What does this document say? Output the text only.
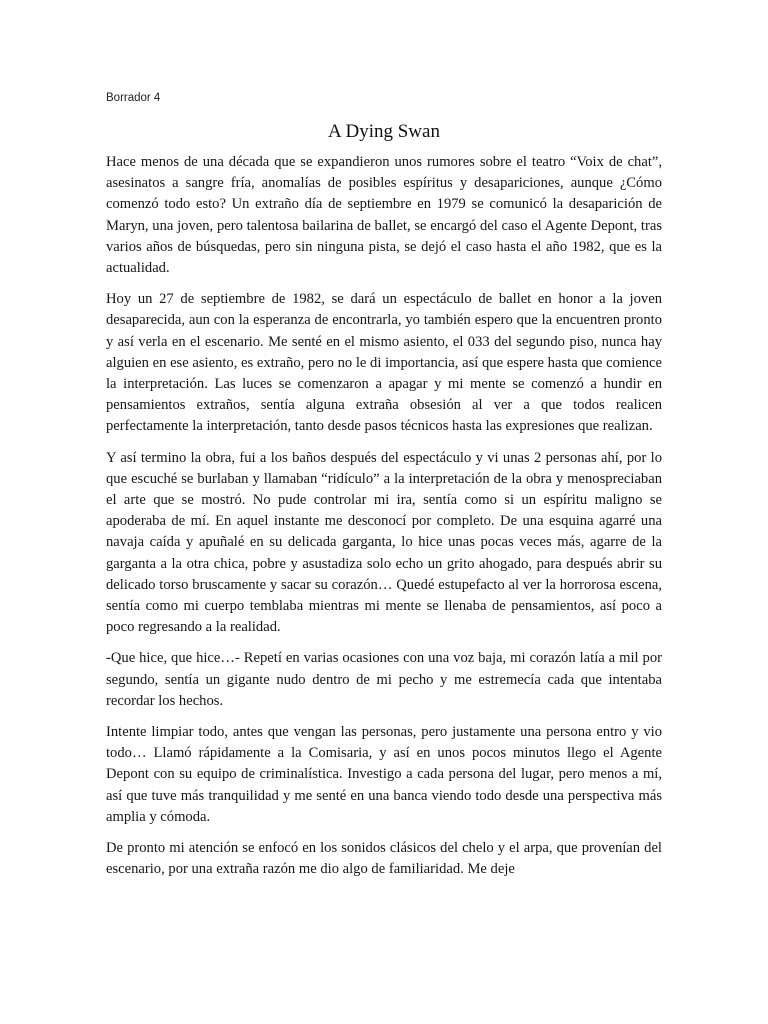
Borrador 4
A Dying Swan

Hace menos de una década que se expandieron unos rumores sobre el teatro “Voix de chat”, asesinatos a sangre fría, anomalías de posibles espíritus y desapariciones, aunque ¿Cómo comenzó todo esto? Un extraño día de septiembre en 1979 se comunicó la desaparición de Maryn, una joven, pero talentosa bailarina de ballet, se encargó del caso el Agente Depont, tras varios años de búsquedas, pero sin ninguna pista, se dejó el caso hasta el año 1982, que es la actualidad.

Hoy un 27 de septiembre de 1982, se dará un espectáculo de ballet en honor a la joven desaparecida, aun con la esperanza de encontrarla, yo también espero que la encuentren pronto y así verla en el escenario. Me senté en el mismo asiento, el 033 del segundo piso, nunca hay alguien en ese asiento, es extraño, pero no le di importancia, así que espere hasta que comience la interpretación. Las luces se comenzaron a apagar y mi mente se comenzó a hundir en pensamientos extraños, sentía alguna extraña obsesión al ver a que todos realicen perfectamente la interpretación, tanto desde pasos técnicos hasta las expresiones que realizan.

Y así termino la obra, fui a los baños después del espectáculo y vi unas 2 personas ahí, por lo que escuché se burlaban y llamaban “ridículo” a la interpretación de la obra y menospreciaban el arte que se mostró. No pude controlar mi ira, sentía como si un espíritu maligno se apoderaba de mí. En aquel instante me desconocí por completo. De una esquina agarré una navaja caída y apuñalé en su delicada garganta, lo hice unas pocas veces más, agarre de la garganta a la otra chica, pobre y asustadiza solo echo un grito ahogado, para después abrir su delicado torso bruscamente y sacar su corazón… Quedé estupefacto al ver la horrorosa escena, sentía como mi cuerpo temblaba mientras mi mente se llenaba de pensamientos, así poco a poco regresando a la realidad.

-Que hice, que hice…- Repetí en varias ocasiones con una voz baja, mi corazón latía a mil por segundo, sentía un gigante nudo dentro de mi pecho y me estremecía cada que intentaba recordar los hechos.

Intente limpiar todo, antes que vengan las personas, pero justamente una persona entro y vio todo… Llamó rápidamente a la Comisaria, y así en unos pocos minutos llego el Agente Depont con su equipo de criminalística. Investigo a cada persona del lugar, pero menos a mí, así que tuve más tranquilidad y me senté en una banca viendo todo desde una perspectiva más amplia y cómoda.

De pronto mi atención se enfocó en los sonidos clásicos del chelo y el arpa, que provenían del escenario, por una extraña razón me dio algo de familiaridad. Me deje
